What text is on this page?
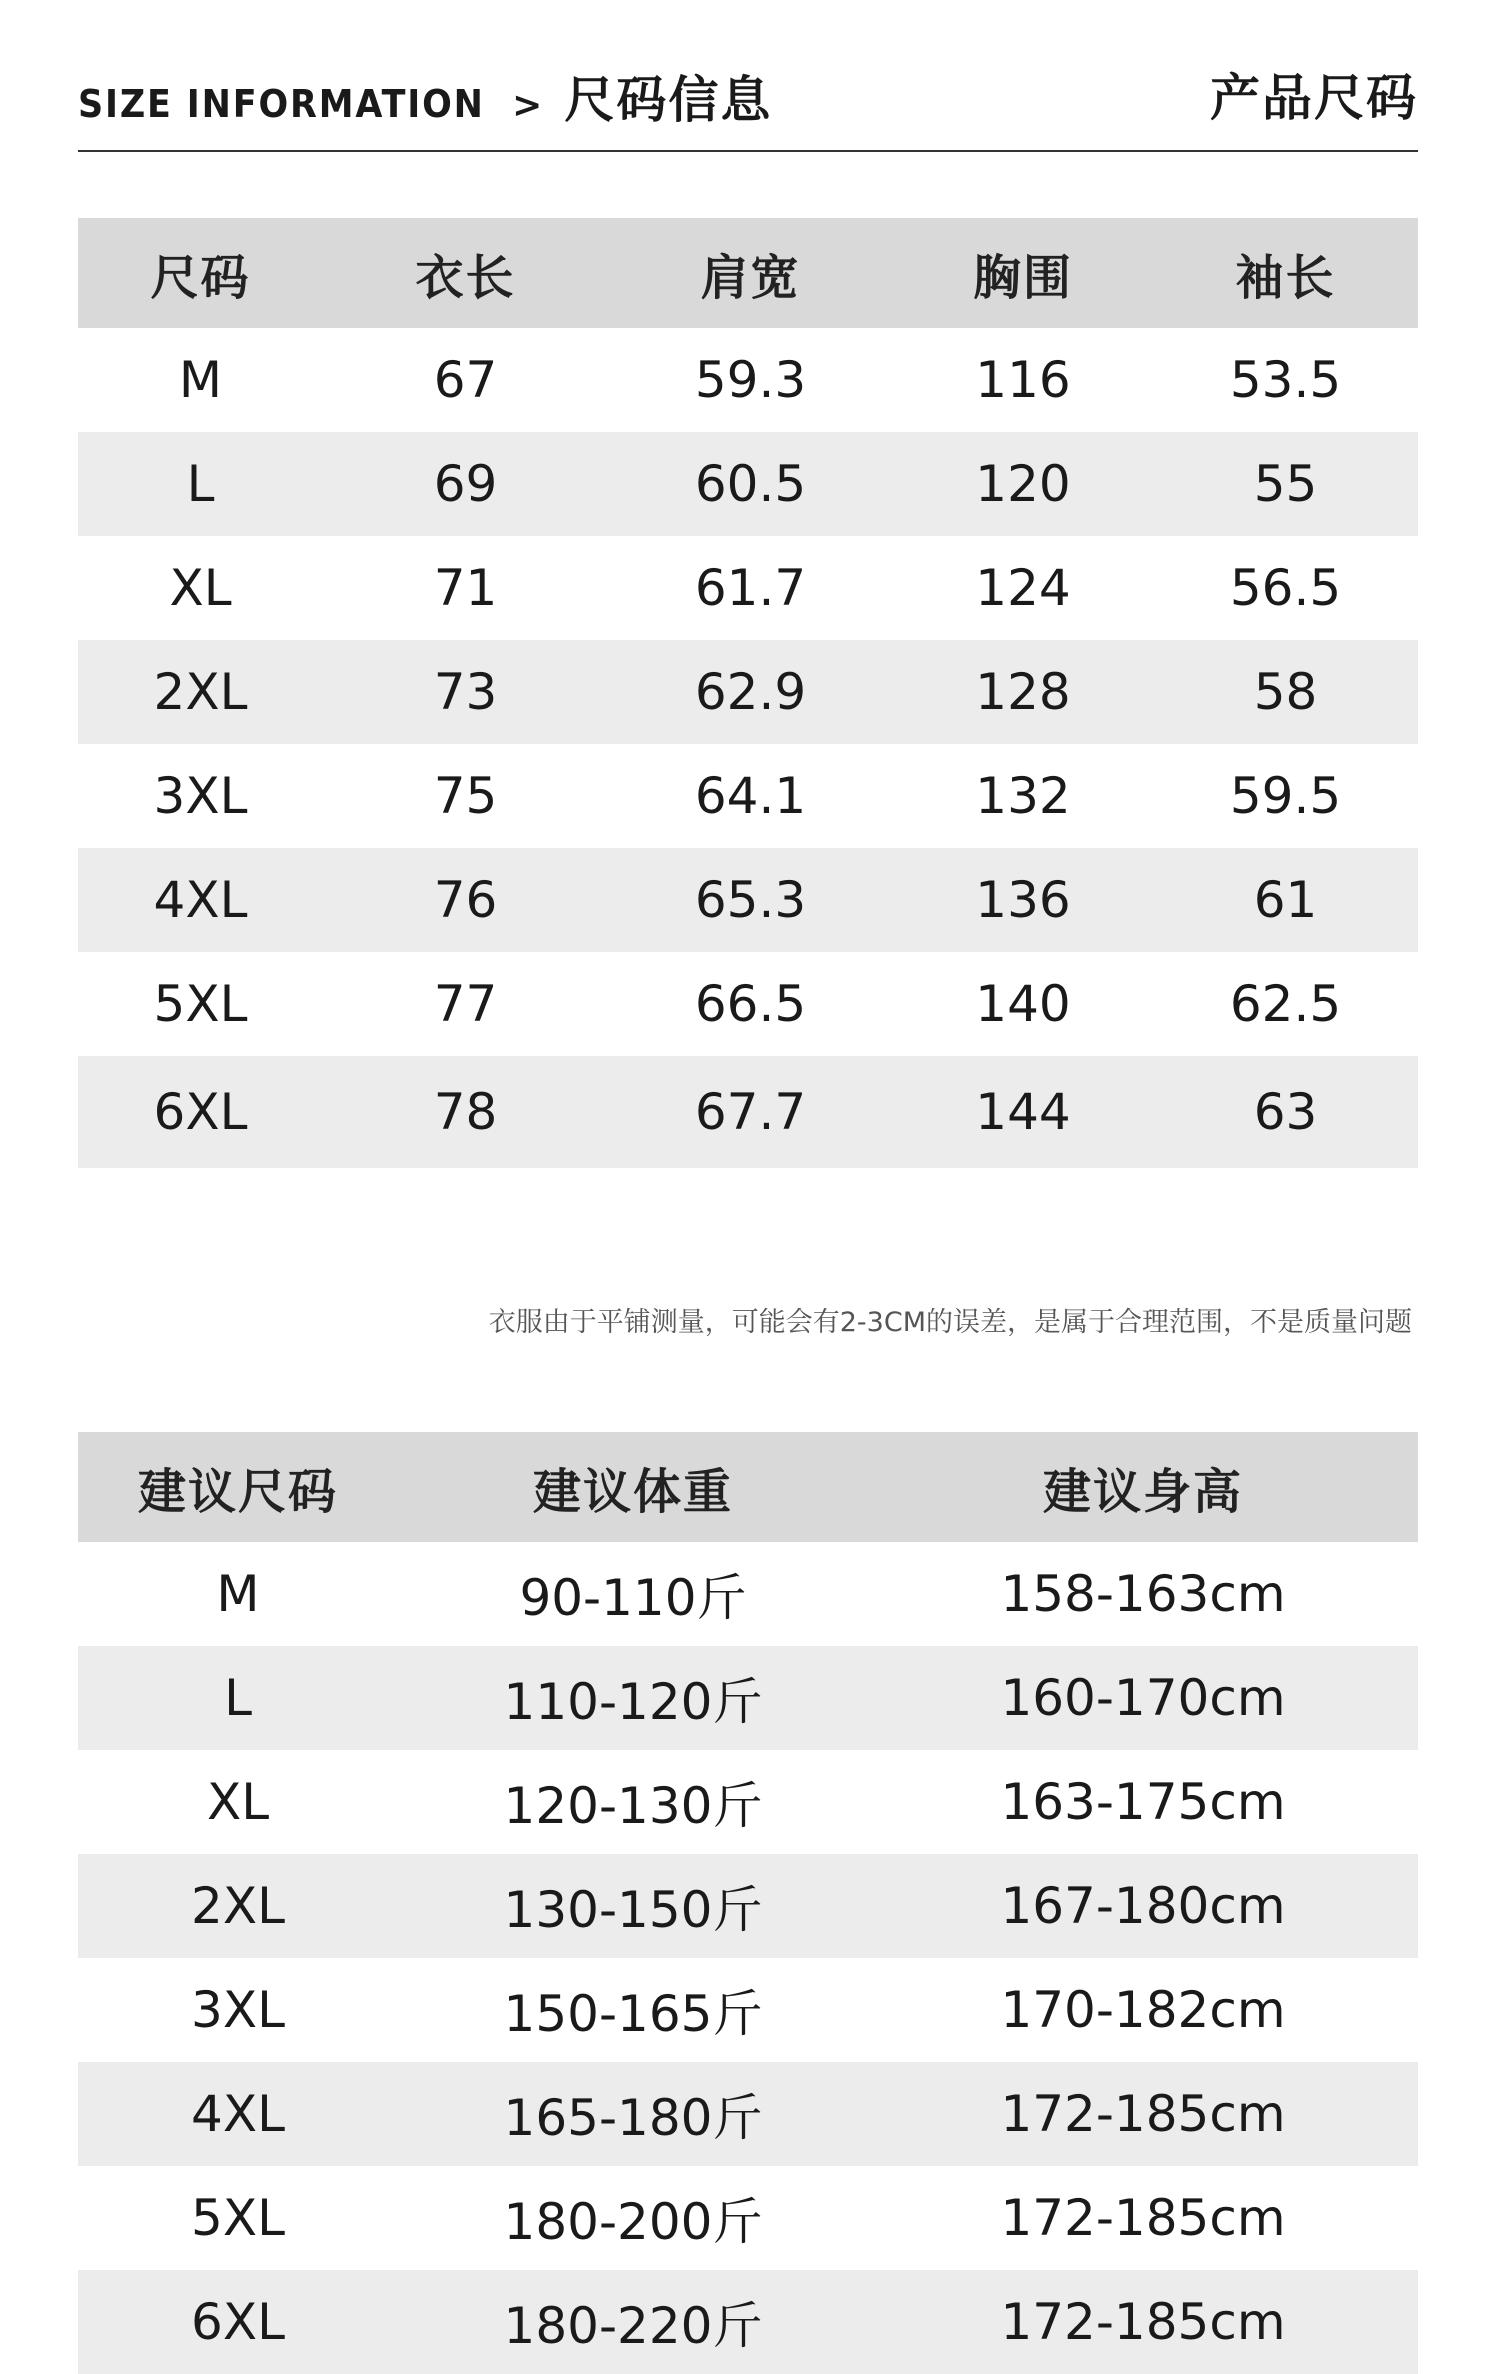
SIZE INFORMATION > 尺码信息	产品尺码
尺码	衣长	肩宽	胸围	袖长
M	67	59.3	116	53.5
L	69	60.5	120	55
XL	71	61.7	124	56.5
2XL	73	62.9	128	58
3XL	75	64.1	132	59.5
4XL	76	65.3	136	61
5XL	77	66.5	140	62.5
6XL	78	67.7	144	63
衣服由于平铺测量，可能会有2-3CM的误差，是属于合理范围，不是质量问题
建议尺码	建议体重	建议身高
M	90-110斤	158-163cm
L	110-120斤	160-170cm
XL	120-130斤	163-175cm
2XL	130-150斤	167-180cm
3XL	150-165斤	170-182cm
4XL	165-180斤	172-185cm
5XL	180-200斤	172-185cm
6XL	180-220斤	172-185cm
